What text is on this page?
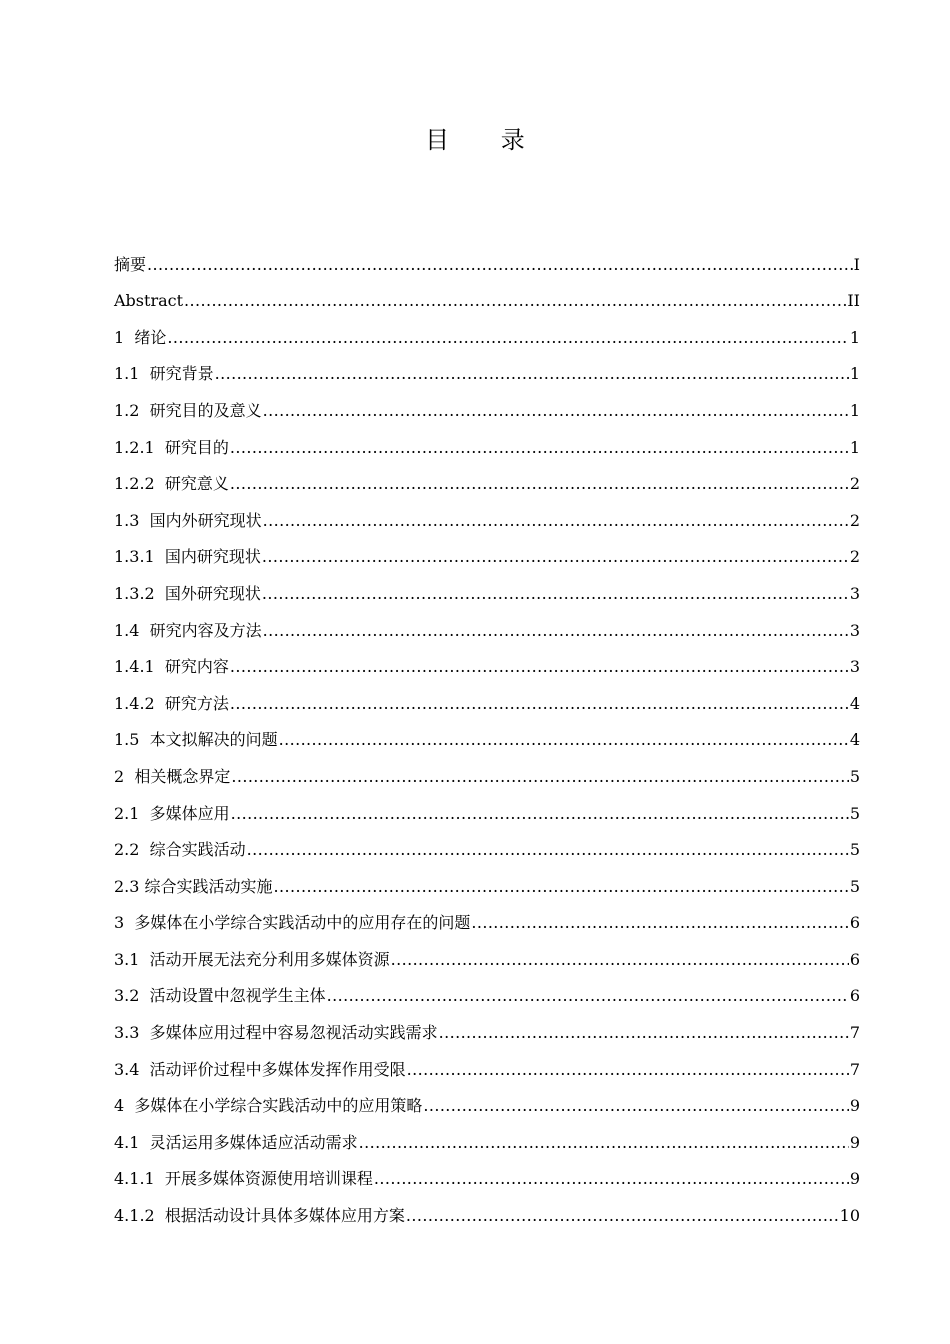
目 录
摘要 .....	I
Abstract .....	II
1  绪论 .....	1
1.1  研究背景 .....	1
1.2  研究目的及意义 .....	1
1.2.1  研究目的 .....	1
1.2.2  研究意义 .....	2
1.3  国内外研究现状 .....	2
1.3.1  国内研究现状 .....	2
1.3.2  国外研究现状 .....	3
1.4  研究内容及方法 .....	3
1.4.1  研究内容 .....	3
1.4.2  研究方法 .....	4
1.5  本文拟解决的问题 .....	4
2  相关概念界定 .....	5
2.1  多媒体应用 .....	5
2.2  综合实践活动 .....	5
2.3 综合实践活动实施 .....	5
3  多媒体在小学综合实践活动中的应用存在的问题 .....	6
3.1  活动开展无法充分利用多媒体资源 .....	6
3.2  活动设置中忽视学生主体 .....	6
3.3  多媒体应用过程中容易忽视活动实践需求 .....	7
3.4  活动评价过程中多媒体发挥作用受限 .....	7
4  多媒体在小学综合实践活动中的应用策略 .....	9
4.1  灵活运用多媒体适应活动需求 .....	9
4.1.1  开展多媒体资源使用培训课程 .....	9
4.1.2  根据活动设计具体多媒体应用方案 .....	10
